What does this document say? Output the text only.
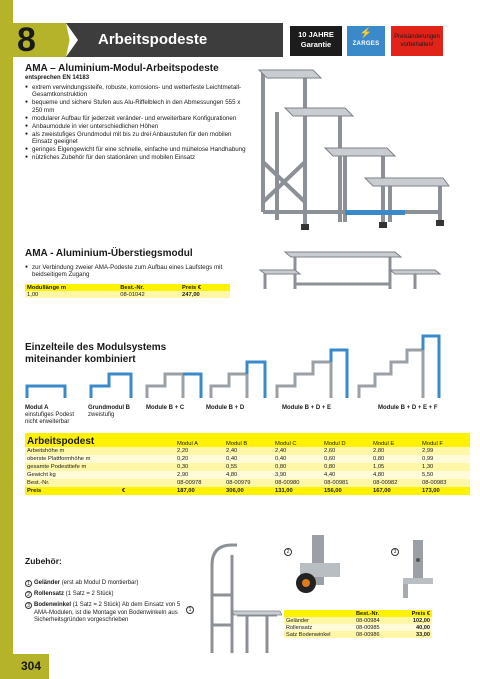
8	Arbeitspodeste	10 JAHRE
Garantie
⚡
ZARGES
Preisänderungen
vorbehalten!
AMA – Aluminium-Modul-Arbeitspodeste
entsprechen EN 14183
● extrem verwindungssteife, robuste, korrosions- und wetterfeste Leichtmetall-Gesamtkonstruktion
● bequeme und sichere Stufen aus Alu-Riffelblech in den Abmessungen 555 x 250 mm
● modularer Aufbau für jederzeit veränder- und erweiterbare Konfigurationen
● Anbaumodule in vier unterschiedlichen Höhen
● als zweistufiges Grundmodul mit bis zu drei Anbaustufen für den mobilen Einsatz geeignet
● geringes Eigengewicht für eine schnelle, einfache und mühelose Handhabung
● nützliches Zubehör für den stationären und mobilen Einsatz
AMA - Aluminium-Überstiegsmodul
● zur Verbindung zweier AMA-Podeste zum Aufbau eines Laufstegs mit beidseitigem Zugang
Modullänge m	Best.-Nr.	Preis €
1,00	08-01042	247,00
Einzelteile des Modulsystems miteinander kombiniert
Modul A
einstufiges Podest nicht erweiterbar
Grundmodul B
zweistufig
Module B + C	Module B + D	Module B + D + E	Module B + D + E + F
Arbeitspodest		Modul A	Modul B	Modul C	Modul D	Modul E	Modul F
Arbeitshöhe m		2,20	2,40	2,40	2,60	2,80	2,99
oberste Plattformhöhe m		0,20	0,40	0,40	0,60	0,80	0,99
gesamte Podesttiefe m		0,30	0,55	0,80	0,80	1,05	1,30
Gewicht kg		2,90	4,80	3,90	4,40	4,80	5,50
Best.-Nr.		08-00978	08-00979	08-00980	08-00981	08-00982	08-00983
Preis	€	187,00	306,00	131,00	156,00	167,00	173,00
Zubehör:
1 Geländer (erst ab Modul D montierbar)
2 Rollensatz (1 Satz = 2 Stück)
3 Bodenwinkel (1 Satz = 2 Stück) Ab dem Einsatz von 5 AMA-Modulen, ist die Montage von Bodenwinkeln aus Sicherheitsgründen vorgeschrieben
1
2	3
	Best.-Nr.	Preis €
Geländer	08-00984	102,00
Rollensatz	08-00985	40,00
Satz Bodenwinkel	08-00986	33,00
304
